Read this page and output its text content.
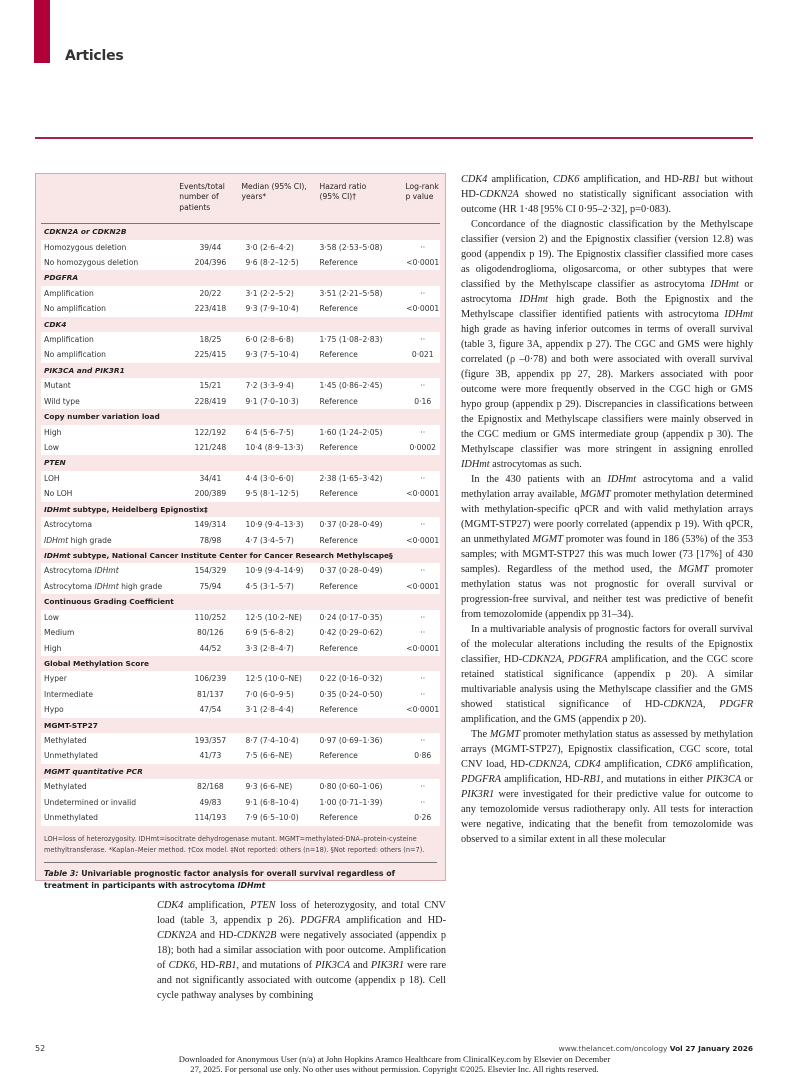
Articles
Events/total
number of
patients
Median (95% CI),
years*
Hazard ratio
(95% CI)†
Log-rank
p value
CDKN2A or CDKN2B
Homozygous deletion	39/44	3·0 (2·6–4·2)	3·58 (2·53–5·08)	··
No homozygous deletion	204/396	9·6 (8·2–12·5)	Reference	<0·0001
PDGFRA
Amplification	20/22	3·1 (2·2–5·2)	3·51 (2·21–5·58)	··
No amplification	223/418	9·3 (7·9–10·4)	Reference	<0·0001
CDK4
Amplification	18/25	6·0 (2·8–6·8)	1·75 (1·08–2·83)	··
No amplification	225/415	9·3 (7·5–10·4)	Reference	0·021
PIK3CA and PIK3R1
Mutant	15/21	7·2 (3·3–9·4)	1·45 (0·86–2·45)	··
Wild type	228/419	9·1 (7·0–10·3)	Reference	0·16
Copy number variation load
High	122/192	6·4 (5·6–7·5)	1·60 (1·24–2·05)	··
Low	121/248	10·4 (8·9–13·3)	Reference	0·0002
PTEN
LOH	34/41	4·4 (3·0–6·0)	2·38 (1·65–3·42)	··
No LOH	200/389	9·5 (8·1–12·5)	Reference	<0·0001
IDHmt subtype, Heidelberg Epignostix‡
Astrocytoma	149/314	10·9 (9·4–13·3)	0·37 (0·28–0·49)	··
IDHmt high grade	78/98	4·7 (3·4–5·7)	Reference	<0·0001
IDHmt subtype, National Cancer Institute Center for Cancer Research Methylscape§
Astrocytoma IDHmt	154/329	10·9 (9·4–14·9)	0·37 (0·28–0·49)	··
Astrocytoma IDHmt high grade	75/94	4·5 (3·1–5·7)	Reference	<0·0001
Continuous Grading Coefficient
Low	110/252	12·5 (10·2–NE)	0·24 (0·17–0·35)	··
Medium	80/126	6·9 (5·6–8·2)	0·42 (0·29–0·62)	··
High	44/52	3·3 (2·8–4·7)	Reference	<0·0001
Global Methylation Score
Hyper	106/239	12·5 (10·0–NE)	0·22 (0·16–0·32)	··
Intermediate	81/137	7·0 (6·0–9·5)	0·35 (0·24–0·50)	··
Hypo	47/54	3·1 (2·8–4·4)	Reference	<0·0001
MGMT-STP27
Methylated	193/357	8·7 (7·4–10·4)	0·97 (0·69–1·36)	··
Unmethylated	41/73	7·5 (6·6–NE)	Reference	0·86
MGMT quantitative PCR
Methylated	82/168	9·3 (6·6–NE)	0·80 (0·60–1·06)	··
Undetermined or invalid	49/83	9·1 (6·8–10·4)	1·00 (0·71–1·39)	··
Unmethylated	114/193	7·9 (6·5–10·0)	Reference	0·26
LOH=loss of heterozygosity. IDHmt=isocitrate dehydrogenase mutant. MGMT=methylated-DNA–protein-cysteine methyltransferase. *Kaplan–Meier method. †Cox model. ‡Not reported: others (n=18). §Not reported: others (n=7).
Table 3: Univariable prognostic factor analysis for overall survival regardless of treatment in participants with astrocytoma IDHmt

CDK4 amplification, PTEN loss of heterozygosity, and total CNV load (table 3, appendix p 26). PDGFRA amplification and HD-CDKN2A and HD-CDKN2B were negatively associated (appendix p 18); both had a similar association with poor outcome. Amplification of CDK6, HD-RB1, and mutations of PIK3CA and PIK3R1 were rare and not significantly associated with outcome (appendix p 18). Cell cycle pathway analyses by combining

CDK4 amplification, CDK6 amplification, and HD-RB1 but without HD-CDKN2A showed no statistically significant association with outcome (HR 1·48 [95% CI 0·95–2·32], p=0·083).

Concordance of the diagnostic classification by the Methylscape classifier (version 2) and the Epignostix classifier (version 12.8) was good (appendix p 19). The Epignostix classifier classified more cases as oligodendroglioma, oligosarcoma, or other subtypes that were classified by the Methylscape classifier as astrocytoma IDHmt or astrocytoma IDHmt high grade. Both the Epignostix and the Methylscape classifier identified patients with astrocytoma IDHmt high grade as having inferior outcomes in terms of overall survival (table 3, figure 3A, appendix p 27). The CGC and GMS were highly correlated (ρ –0·78) and both were associated with overall survival (figure 3B, appendix pp 27, 28). Markers associated with poor outcome were more frequently observed in the CGC high or GMS hypo group (appendix p 29). Discrepancies in classifications between the Epignostix and Methylscape classifiers were mainly observed in the CGC medium or GMS intermediate group (appendix p 30). The Methylscape classifier was more stringent in assigning enrolled IDHmt astrocytomas as such.

In the 430 patients with an IDHmt astrocytoma and a valid methylation array available, MGMT promoter methylation determined with methylation-specific qPCR and with valid methylation arrays (MGMT-STP27) were poorly correlated (appendix p 19). With qPCR, an unmethylated MGMT promoter was found in 186 (53%) of the 353 samples; with MGMT-STP27 this was much lower (73 [17%] of 430 samples). Regardless of the method used, the MGMT promoter methylation status was not prognostic for overall survival or progression-free survival, and neither test was predictive of benefit from temozolomide (appendix pp 31–34).

In a multivariable analysis of prognostic factors for overall survival of the molecular alterations including the results of the Epignostix classifier, HD-CDKN2A, PDGFRA amplification, and the CGC score retained statistical significance (appendix p 20). A similar multivariable analysis using the Methylscape classifier and the GMS showed statistical significance of HD-CDKN2A, PDGFR amplification, and the GMS (appendix p 20).

The MGMT promoter methylation status as assessed by methylation arrays (MGMT-STP27), Epignostix classification, CGC score, total CNV load, HD-CDKN2A, CDK4 amplification, CDK6 amplification, PDGFRA amplification, HD-RB1, and mutations in either PIK3CA or PIK3R1 were investigated for their predictive value for outcome to any temozolomide versus radiotherapy only. All tests for interaction were negative, indicating that the benefit from temozolomide was observed to a similar extent in all these molecular

52	www.thelancet.com/oncology Vol 27 January 2026
Downloaded for Anonymous User (n/a) at John Hopkins Aramco Healthcare from ClinicalKey.com by Elsevier on December
27, 2025. For personal use only. No other uses without permission. Copyright ©2025. Elsevier Inc. All rights reserved.
